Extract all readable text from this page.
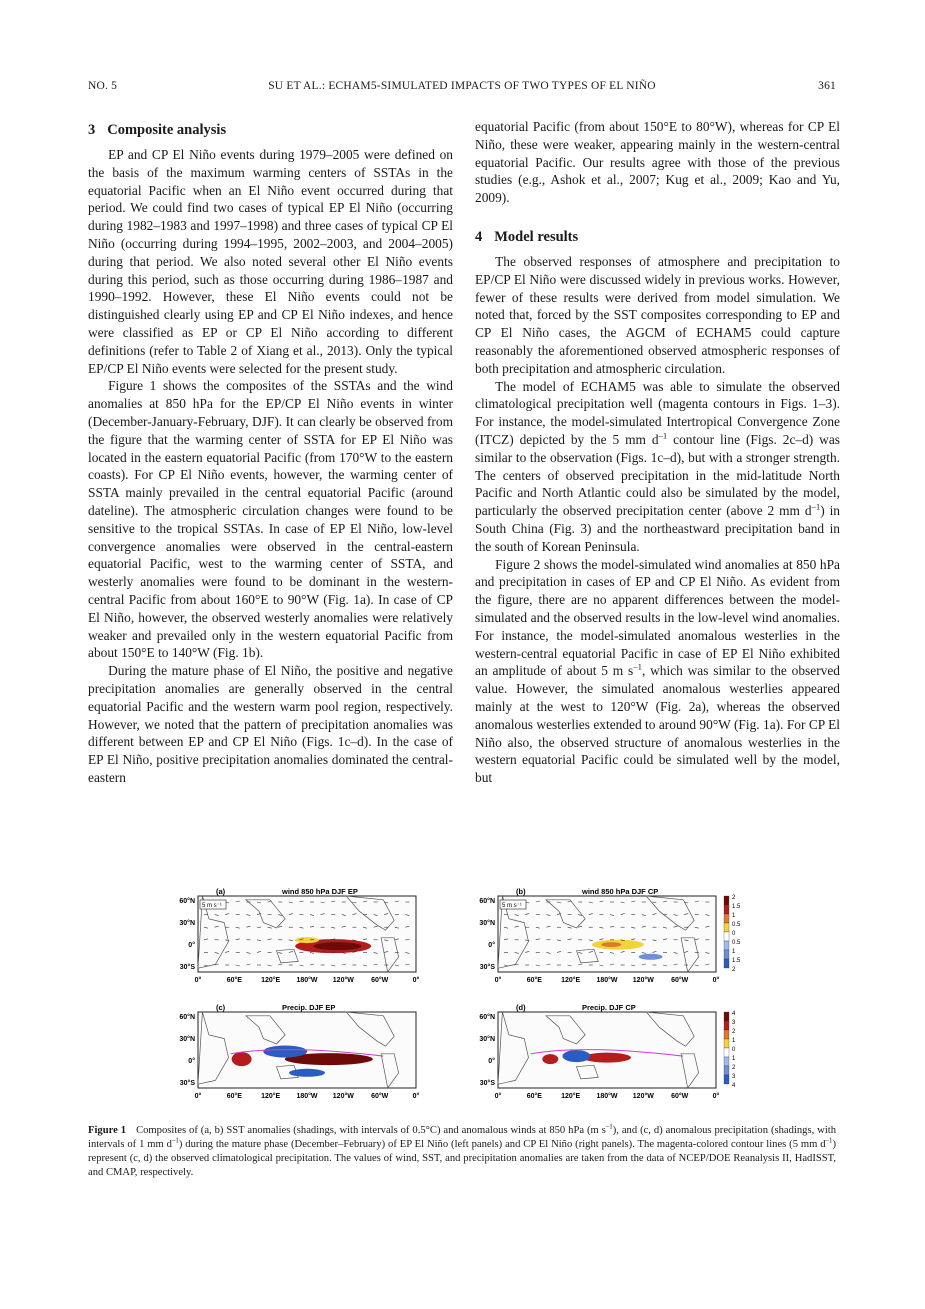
NO. 5	SU ET AL.: ECHAM5-SIMULATED IMPACTS OF TWO TYPES OF EL NIÑO	361
3 Composite analysis

EP and CP El Niño events during 1979–2005 were defined on the basis of the maximum warming centers of SSTAs in the equatorial Pacific when an El Niño event occurred during that period. We could find two cases of typical EP El Niño (occurring during 1982–1983 and 1997–1998) and three cases of typical CP El Niño (occurring during 1994–1995, 2002–2003, and 2004–2005) during that period. We also noted several other El Niño events during this period, such as those occurring during 1986–1987 and 1990–1992. However, these El Niño events could not be distinguished clearly using EP and CP El Niño indexes, and hence were classified as EP or CP El Niño according to different definitions (refer to Table 2 of Xiang et al., 2013). Only the typical EP/CP El Niño events were selected for the present study.

Figure 1 shows the composites of the SSTAs and the wind anomalies at 850 hPa for the EP/CP El Niño events in winter (December-January-February, DJF). It can clearly be observed from the figure that the warming center of SSTA for EP El Niño was located in the eastern equatorial Pacific (from 170°W to the eastern coasts). For CP El Niño events, however, the warming center of SSTA mainly prevailed in the central equatorial Pacific (around dateline). The atmospheric circulation changes were found to be sensitive to the tropical SSTAs. In case of EP El Niño, low-level convergence anomalies were observed in the central-eastern equatorial Pacific, west to the warming center of SSTA, and westerly anomalies were found to be dominant in the western-central Pacific from about 160°E to 90°W (Fig. 1a). In case of CP El Niño, however, the observed westerly anomalies were relatively weaker and prevailed only in the western equatorial Pacific from about 150°E to 140°W (Fig. 1b).

During the mature phase of El Niño, the positive and negative precipitation anomalies are generally observed in the central equatorial Pacific and the western warm pool region, respectively. However, we noted that the pattern of precipitation anomalies was different between EP and CP El Niño (Figs. 1c–d). In the case of EP El Niño, positive precipitation anomalies dominated the central-eastern

equatorial Pacific (from about 150°E to 80°W), whereas for CP El Niño, these were weaker, appearing mainly in the western-central equatorial Pacific. Our results agree with those of the previous studies (e.g., Ashok et al., 2007; Kug et al., 2009; Kao and Yu, 2009).

4 Model results

The observed responses of atmosphere and precipitation to EP/CP El Niño were discussed widely in previous works. However, fewer of these results were derived from model simulation. We noted that, forced by the SST composites corresponding to EP and CP El Niño cases, the AGCM of ECHAM5 could capture reasonably the aforementioned observed atmospheric responses of both precipitation and atmospheric circulation.

The model of ECHAM5 was able to simulate the observed climatological precipitation well (magenta contours in Figs. 1–3). For instance, the model-simulated Intertropical Convergence Zone (ITCZ) depicted by the 5 mm $d^{-1}$ contour line (Figs. 2c–d) was similar to the observation (Figs. 1c–d), but with a stronger strength. The centers of observed precipitation in the mid-latitude North Pacific and North Atlantic could also be simulated by the model, particularly the observed precipitation center (above 2 mm $d^{-1}$) in South China (Fig. 3) and the northeastward precipitation band in the south of Korean Peninsula.

Figure 2 shows the model-simulated wind anomalies at 850 hPa and precipitation in cases of EP and CP El Niño. As evident from the figure, there are no apparent differences between the model-simulated and the observed results in the low-level wind anomalies. For instance, the model-simulated anomalous westerlies in the western-central equatorial Pacific in case of EP El Niño exhibited an amplitude of about 5 m $s^{-1}$, which was similar to the observed value. However, the simulated anomalous westerlies appeared mainly at the west to 120°W (Fig. 2a), whereas the observed anomalous westerlies extended to around 90°W (Fig. 1a). For CP El Niño also, the observed structure of anomalous westerlies in the western equatorial Pacific could be simulated well by the model, but

5 m s⁻¹
(a)	wind 850 hPa DJF EP
60°N
30°N
0°
30°S
0°	60°E	120°E 180°W 120°W 60°W	0°
5 m s⁻¹
(b)	wind 850 hPa DJF CP
60°N
30°N
0°
30°S
0°	60°E	120°E 180°W 120°W 60°W	0°
2
1.5
1
0.5
0
0.5
1
1.5
2
(c)	Precip. DJF EP
60°N
30°N
0°
30°S
0°	60°E	120°E 180°W 120°W 60°W	0°
(d)	Precip. DJF CP
60°N
30°N
0°
30°S
0°	60°E	120°E 180°W 120°W 60°W	0°
4
3
2
1
0
1
2
3
4
Figure 1 Composites of (a, b) SST anomalies (shadings, with intervals of 0.5°C) and anomalous winds at 850 hPa (m $s^{-1}$), and (c, d) anomalous precipitation (shadings, with intervals of 1 mm $d^{-1}$) during the mature phase (December–February) of EP El Niño (left panels) and CP El Niño (right panels). The magenta-colored contour lines (5 mm $d^{-1}$) represent (c, d) the observed climatological precipitation. The values of wind, SST, and precipitation anomalies are taken from the data of NCEP/DOE Reanalysis II, HadISST, and CMAP, respectively.
